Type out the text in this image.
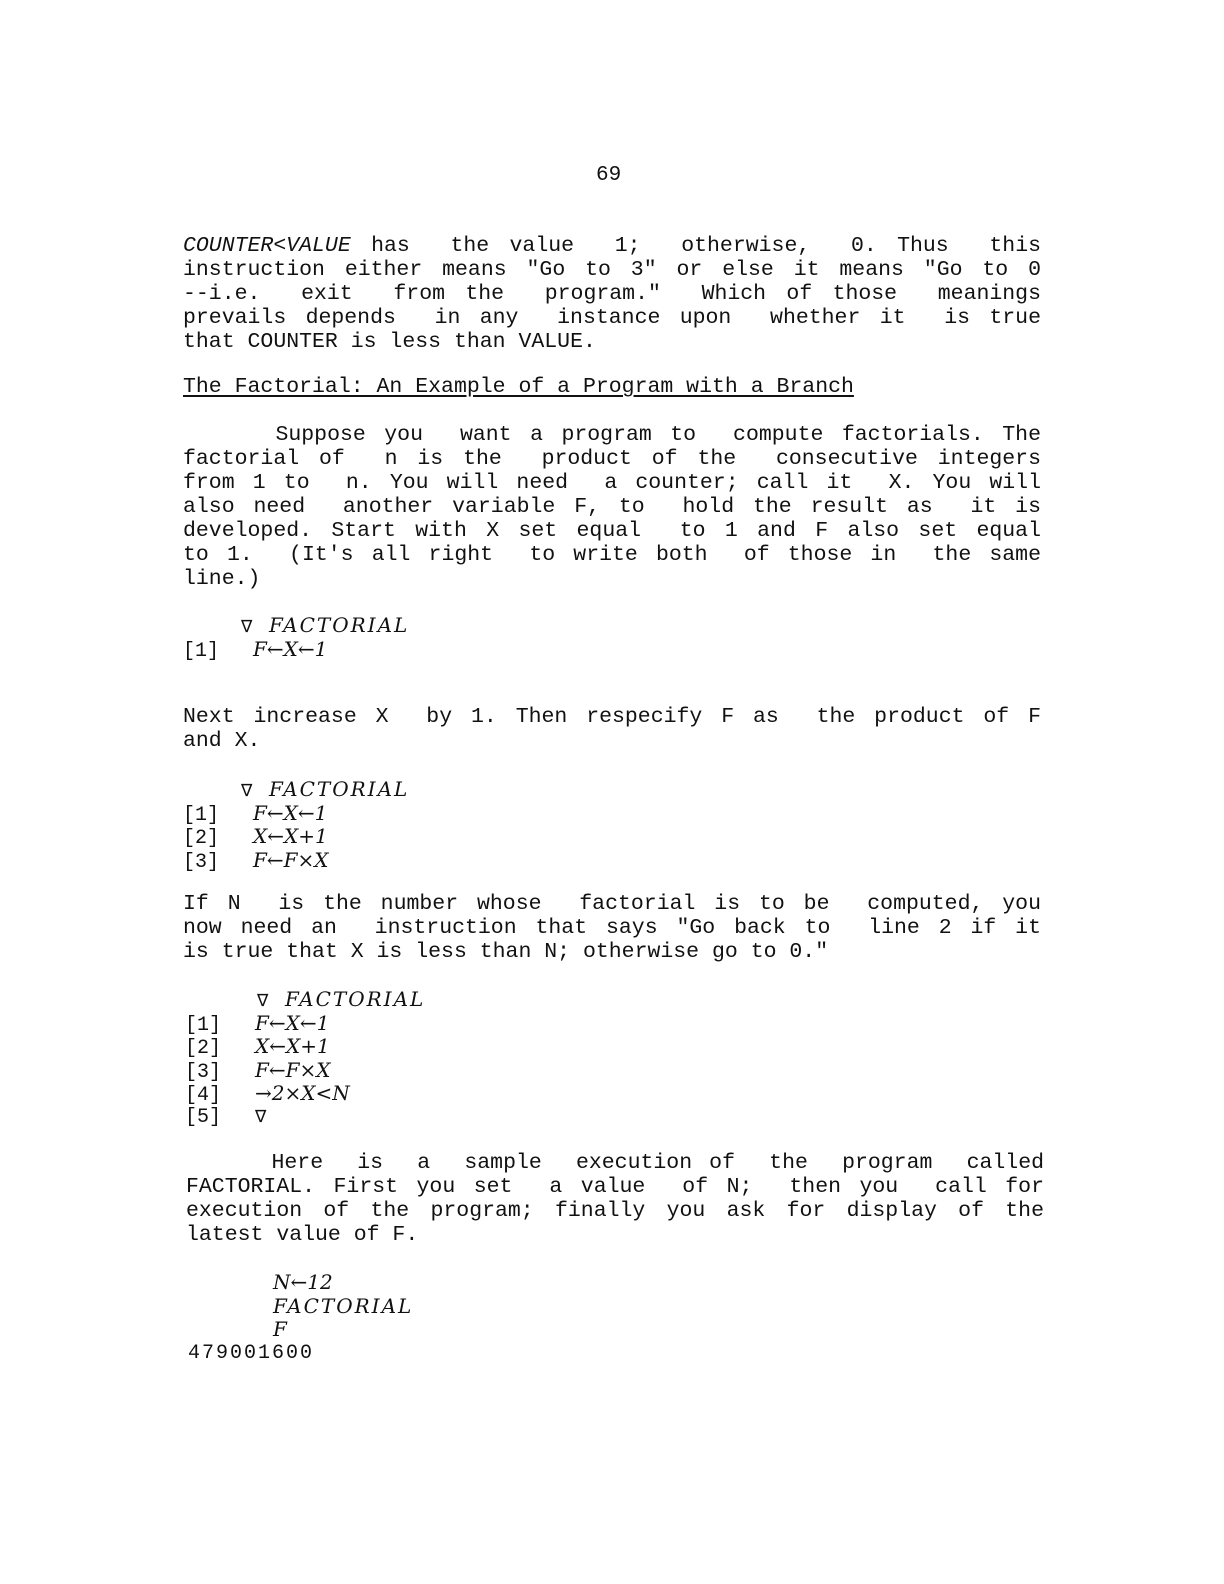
69
COUNTER<VALUE has  the value  1;  otherwise,  0. Thus  this
instruction either means "Go to 3" or else it means "Go to 0
--i.e.  exit  from the  program."  Which of those  meanings
prevails depends  in any  instance upon  whether it  is true
that COUNTER is less than VALUE.
The Factorial: An Example of a Program with a Branch
Suppose you  want a program to  compute factorials. The
factorial of  n is the  product of the  consecutive integers
from 1 to  n. You will need  a counter; call it  X. You will
also need  another variable F, to  hold the result as  it is
developed. Start with X set equal  to 1 and F also set equal
to 1.  (It's all right  to write both  of those in  the same
line.)
∇ FACTORIAL
[1] F←X←1
Next increase X  by 1. Then respecify F as  the product of F
and X.
∇ FACTORIAL
[1] F←X←1
[2] X←X+1
[3] F←F×X
If N  is the number whose  factorial is to be  computed, you
now need an  instruction that says "Go back to  line 2 if it
is true that X is less than N; otherwise go to 0."
∇ FACTORIAL
[1] F←X←1
[2] X←X+1
[3] F←F×X
[4] →2×X<N
[5] ∇
Here  is  a  sample  execution of  the  program  called
FACTORIAL. First you set  a value  of N;  then you  call for
execution of the program; finally you ask for display of the
latest value of F.
N←12
FACTORIAL
F
479001600
